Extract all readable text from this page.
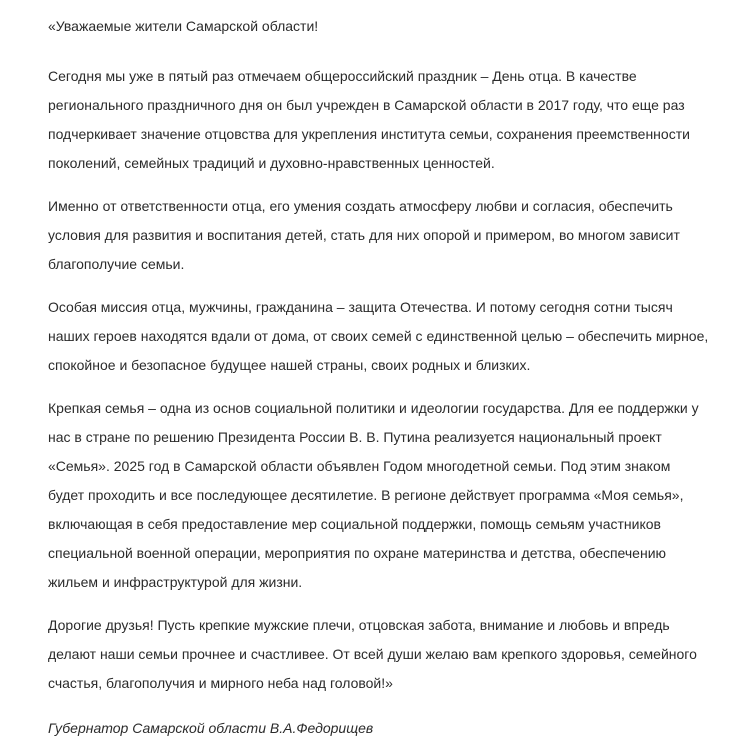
«Уважаемые жители Самарской области!

Сегодня мы уже в пятый раз отмечаем общероссийский праздник – День отца. В качестве регионального праздничного дня он был учрежден в Самарской области в 2017 году, что еще раз подчеркивает значение отцовства для укрепления института семьи, сохранения преемственности поколений, семейных традиций и духовно-нравственных ценностей.

Именно от ответственности отца, его умения создать атмосферу любви и согласия, обеспечить условия для развития и воспитания детей, стать для них опорой и примером, во многом зависит благополучие семьи.

Особая миссия отца, мужчины, гражданина – защита Отечества. И потому сегодня сотни тысяч наших героев находятся вдали от дома, от своих семей с единственной целью – обеспечить мирное, спокойное и безопасное будущее нашей страны, своих родных и близких.

Крепкая семья – одна из основ социальной политики и идеологии государства. Для ее поддержки у нас в стране по решению Президента России В. В. Путина реализуется национальный проект «Семья». 2025 год в Самарской области объявлен Годом многодетной семьи. Под этим знаком будет проходить и все последующее десятилетие. В регионе действует программа «Моя семья», включающая в себя предоставление мер социальной поддержки, помощь семьям участников специальной военной операции, мероприятия по охране материнства и детства, обеспечению жильем и инфраструктурой для жизни.

Дорогие друзья! Пусть крепкие мужские плечи, отцовская забота, внимание и любовь и впредь делают наши семьи прочнее и счастливее. От всей души желаю вам крепкого здоровья, семейного счастья, благополучия и мирного неба над головой!»

Губернатор Самарской области В.А.Федорищев
